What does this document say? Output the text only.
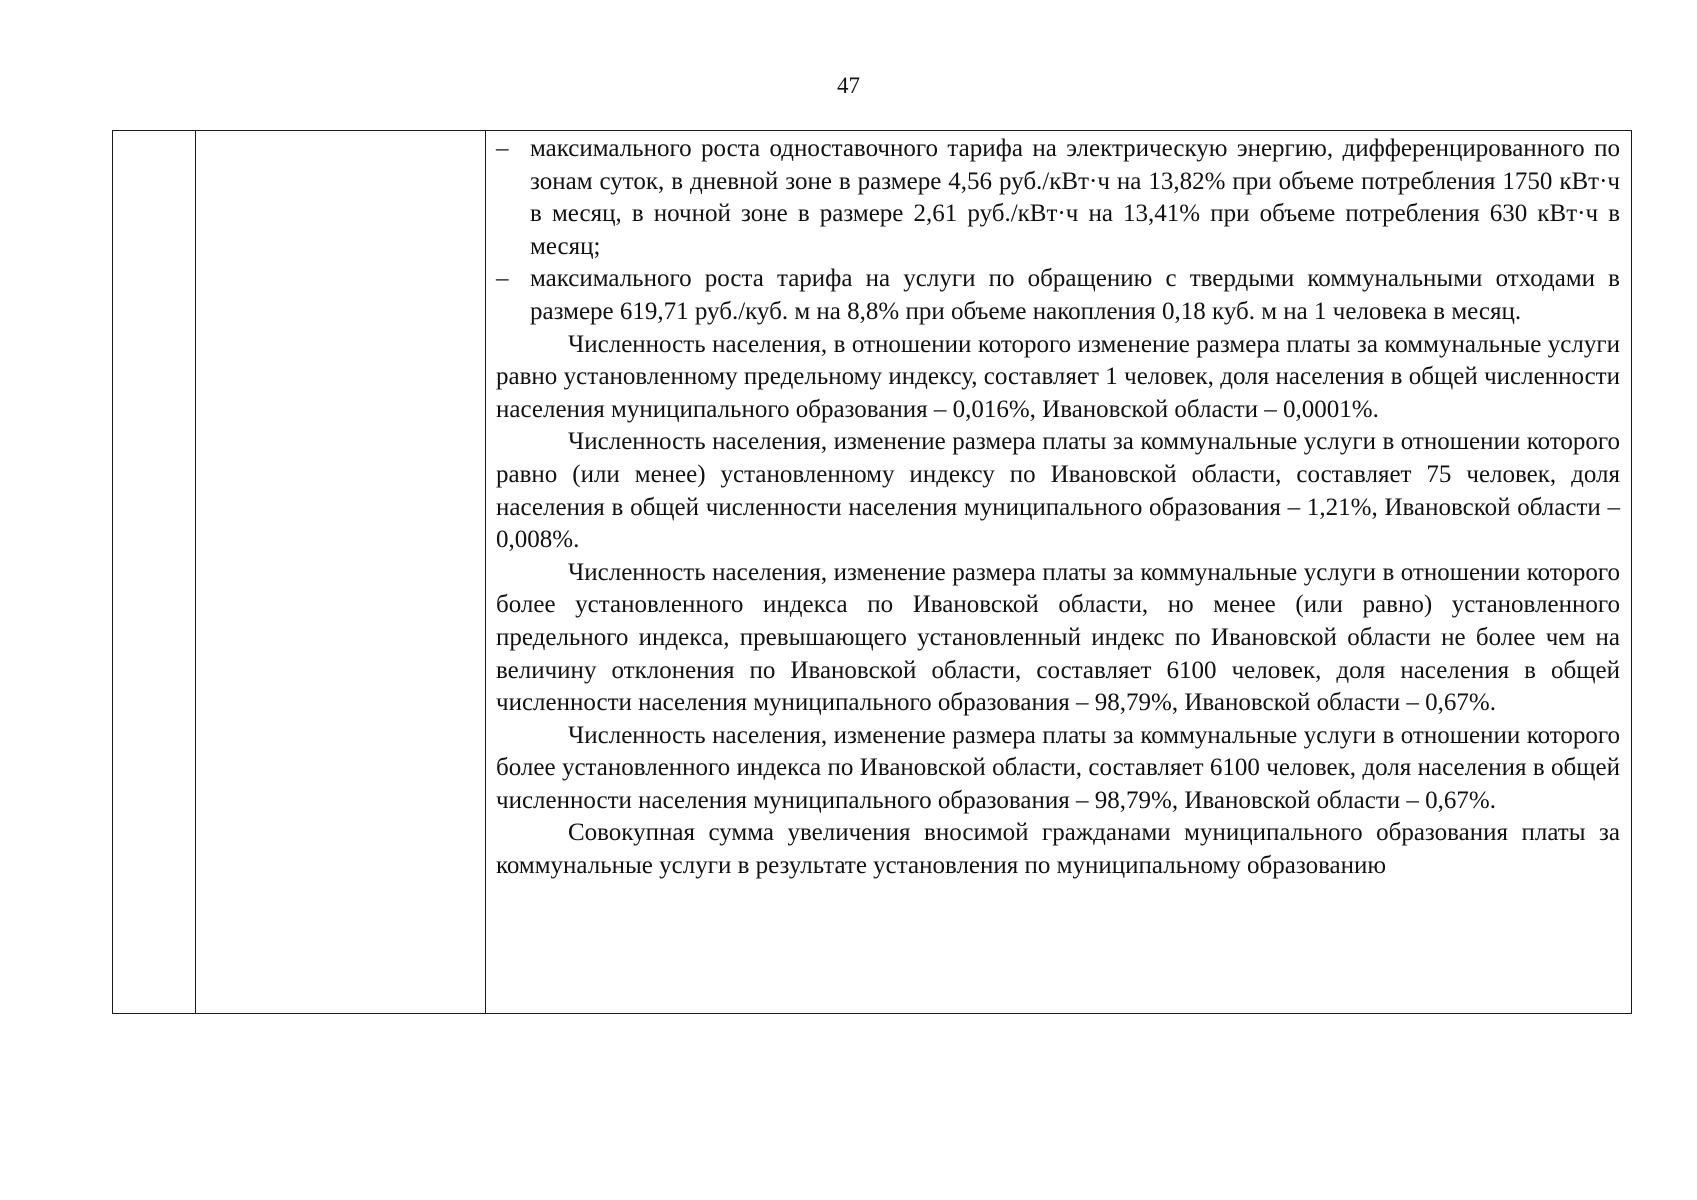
47

– максимального роста одноставочного тарифа на электрическую энергию, дифференцированного по зонам суток, в дневной зоне в размере 4,56 руб./кВт·ч на 13,82% при объеме потребления 1750 кВт·ч в месяц, в ночной зоне в размере 2,61 руб./кВт·ч на 13,41% при объеме потребления 630 кВт·ч в месяц;
– максимального роста тарифа на услуги по обращению с твердыми коммунальными отходами в размере 619,71 руб./куб. м на 8,8% при объеме накопления 0,18 куб. м на 1 человека в месяц.

Численность населения, в отношении которого изменение размера платы за коммунальные услуги равно установленному предельному индексу, составляет 1 человек, доля населения в общей численности населения муниципального образования – 0,016%, Ивановской области – 0,0001%.

Численность населения, изменение размера платы за коммунальные услуги в отношении которого равно (или менее) установленному индексу по Ивановской области, составляет 75 человек, доля населения в общей численности населения муниципального образования – 1,21%, Ивановской области – 0,008%.

Численность населения, изменение размера платы за коммунальные услуги в отношении которого более установленного индекса по Ивановской области, но менее (или равно) установленного предельного индекса, превышающего установленный индекс по Ивановской области не более чем на величину отклонения по Ивановской области, составляет 6100 человек, доля населения в общей численности населения муниципального образования – 98,79%, Ивановской области – 0,67%.

Численность населения, изменение размера платы за коммунальные услуги в отношении которого более установленного индекса по Ивановской области, составляет 6100 человек, доля населения в общей численности населения муниципального образования – 98,79%, Ивановской области – 0,67%.

Совокупная сумма увеличения вносимой гражданами муниципального образования платы за коммунальные услуги в результате установления по муниципальному образованию
